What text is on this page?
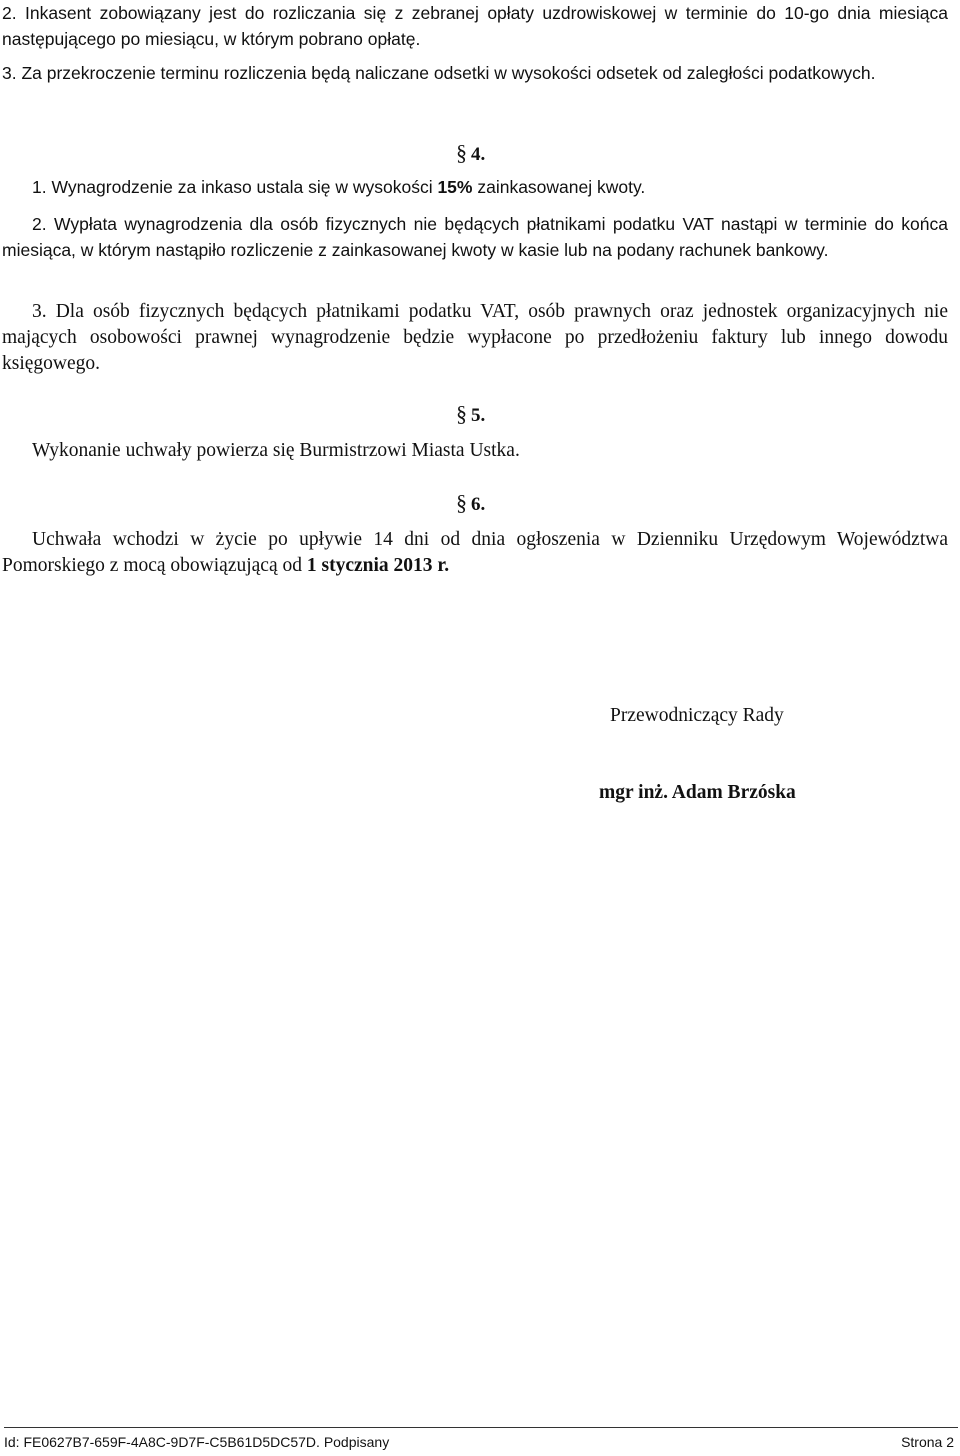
2. Inkasent zobowiązany jest do rozliczania się z zebranej opłaty uzdrowiskowej w terminie do 10-go dnia miesiąca następującego po miesiącu, w którym pobrano opłatę.

3. Za przekroczenie terminu rozliczenia będą naliczane odsetki w wysokości odsetek od zaległości podatkowych.

§ 4.

1. Wynagrodzenie za inkaso ustala się w wysokości 15% zainkasowanej kwoty.

2. Wypłata wynagrodzenia dla osób fizycznych nie będących płatnikami podatku VAT nastąpi w terminie do końca miesiąca, w którym nastąpiło rozliczenie z zainkasowanej kwoty w kasie lub na podany rachunek bankowy.

3. Dla osób fizycznych będących płatnikami podatku VAT, osób prawnych oraz jednostek organizacyjnych nie mających osobowości prawnej wynagrodzenie będzie wypłacone po przedłożeniu faktury lub innego dowodu księgowego.

§ 5.

Wykonanie uchwały powierza się Burmistrzowi Miasta Ustka.

§ 6.

Uchwała wchodzi w życie po upływie 14 dni od dnia ogłoszenia w Dzienniku Urzędowym Województwa Pomorskiego z mocą obowiązującą od 1 stycznia 2013 r.

Przewodniczący Rady

mgr inż. Adam Brzóska

Id: FE0627B7-659F-4A8C-9D7F-C5B61D5DC57D. Podpisany	Strona 2
